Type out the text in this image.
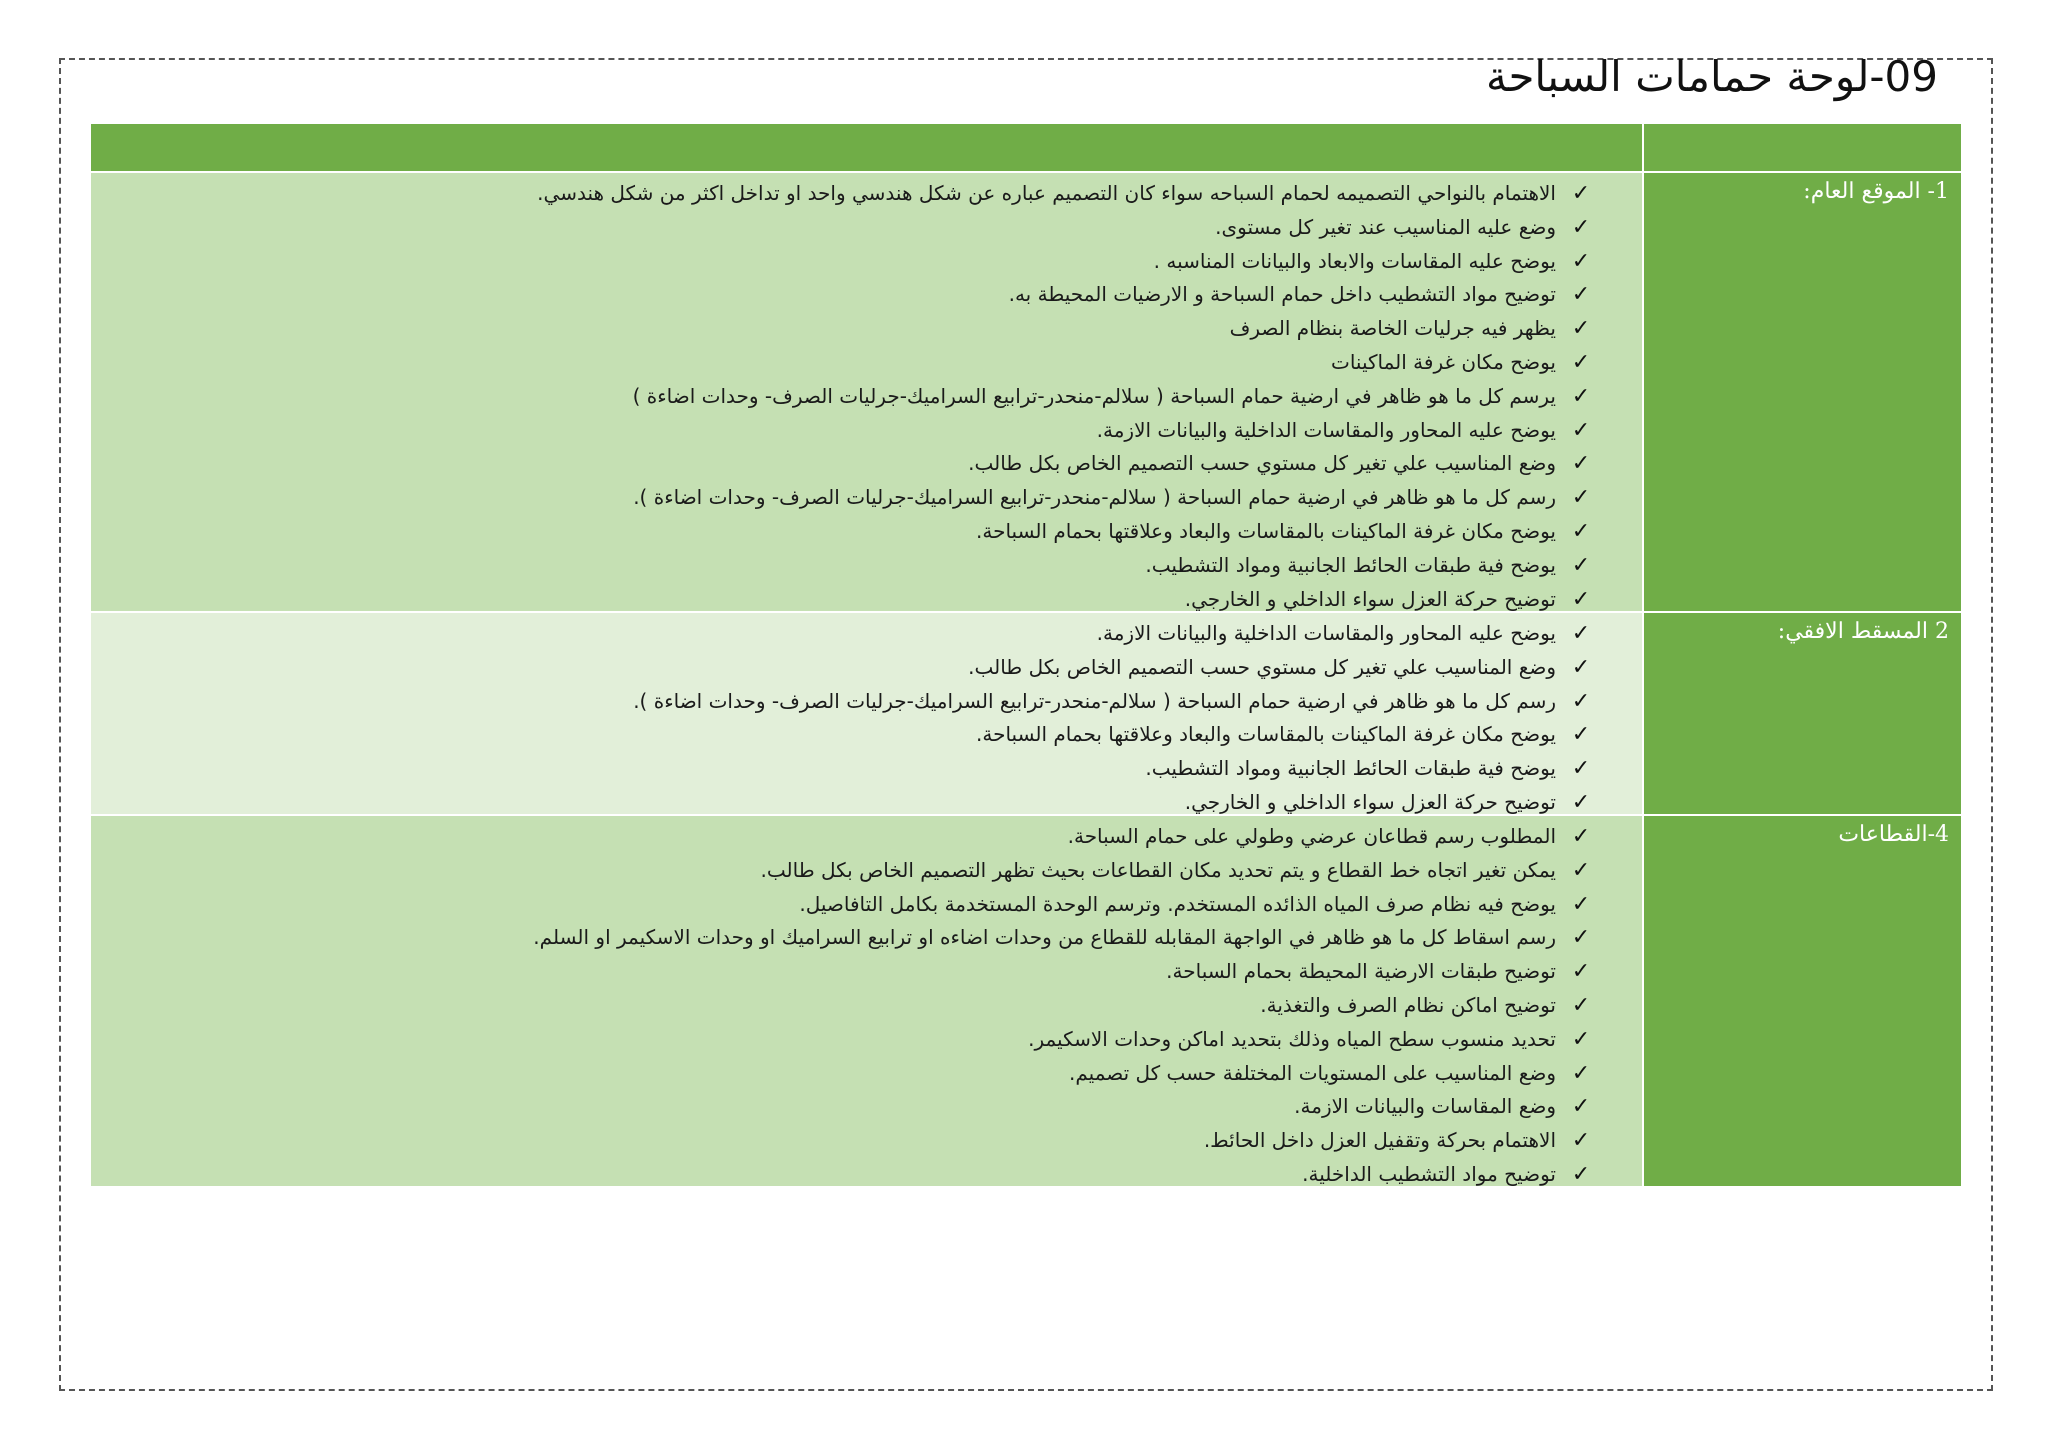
09-لوحة حمامات السباحة
✓الاهتمام بالنواحي التصميمه لحمام السباحه سواء كان التصميم عباره عن شكل هندسي واحد او تداخل اكثر من شكل هندسي.
✓وضع عليه المناسيب عند تغير كل مستوى.
✓يوضح عليه المقاسات والابعاد والبيانات المناسبه .
✓توضيح مواد التشطيب داخل حمام السباحة و الارضيات المحيطة به.
✓يظهر فيه جرليات الخاصة بنظام الصرف
✓يوضح مكان غرفة الماكينات
✓يرسم كل ما هو ظاهر في ارضية حمام السباحة ( سلالم-منحدر-ترابيع السراميك-جرليات الصرف- وحدات اضاءة )
✓يوضح عليه المحاور والمقاسات الداخلية والبيانات الازمة.
✓وضع المناسيب علي تغير كل مستوي حسب التصميم الخاص بكل طالب.
✓رسم كل ما هو ظاهر في ارضية حمام السباحة ( سلالم-منحدر-ترابيع السراميك-جرليات الصرف- وحدات اضاءة ).
✓يوضح مكان غرفة الماكينات بالمقاسات والبعاد وعلاقتها بحمام السباحة.
✓يوضح فية طبقات الحائط الجانبية ومواد التشطيب.
✓توضيح حركة العزل سواء الداخلي و الخارجي.
1- الموقع العام:
✓يوضح عليه المحاور والمقاسات الداخلية والبيانات الازمة.
✓وضع المناسيب علي تغير كل مستوي حسب التصميم الخاص بكل طالب.
✓رسم كل ما هو ظاهر في ارضية حمام السباحة ( سلالم-منحدر-ترابيع السراميك-جرليات الصرف- وحدات اضاءة ).
✓يوضح مكان غرفة الماكينات بالمقاسات والبعاد وعلاقتها بحمام السباحة.
✓يوضح فية طبقات الحائط الجانبية ومواد التشطيب.
✓توضيح حركة العزل سواء الداخلي و الخارجي.
2 المسقط الافقي:
✓المطلوب رسم قطاعان عرضي وطولي على حمام السباحة.
✓يمكن تغير اتجاه خط القطاع و يتم تحديد مكان القطاعات بحيث تظهر التصميم الخاص بكل طالب.
✓يوضح فيه نظام صرف المياه الذائده المستخدم. وترسم الوحدة المستخدمة بكامل التافاصيل.
✓رسم اسقاط كل ما هو ظاهر في الواجهة المقابله للقطاع من وحدات اضاءه او ترابيع السراميك او وحدات الاسكيمر او السلم.
✓توضيح طبقات الارضية المحيطة بحمام السباحة.
✓توضيح اماكن نظام الصرف والتغذية.
✓تحديد منسوب سطح المياه وذلك بتحديد اماكن وحدات الاسكيمر.
✓وضع المناسيب على المستويات المختلفة حسب كل تصميم.
✓وضع المقاسات والبيانات الازمة.
✓الاهتمام بحركة وتقفيل العزل داخل الحائط.
✓توضيح مواد التشطيب الداخلية.
4-القطاعات
